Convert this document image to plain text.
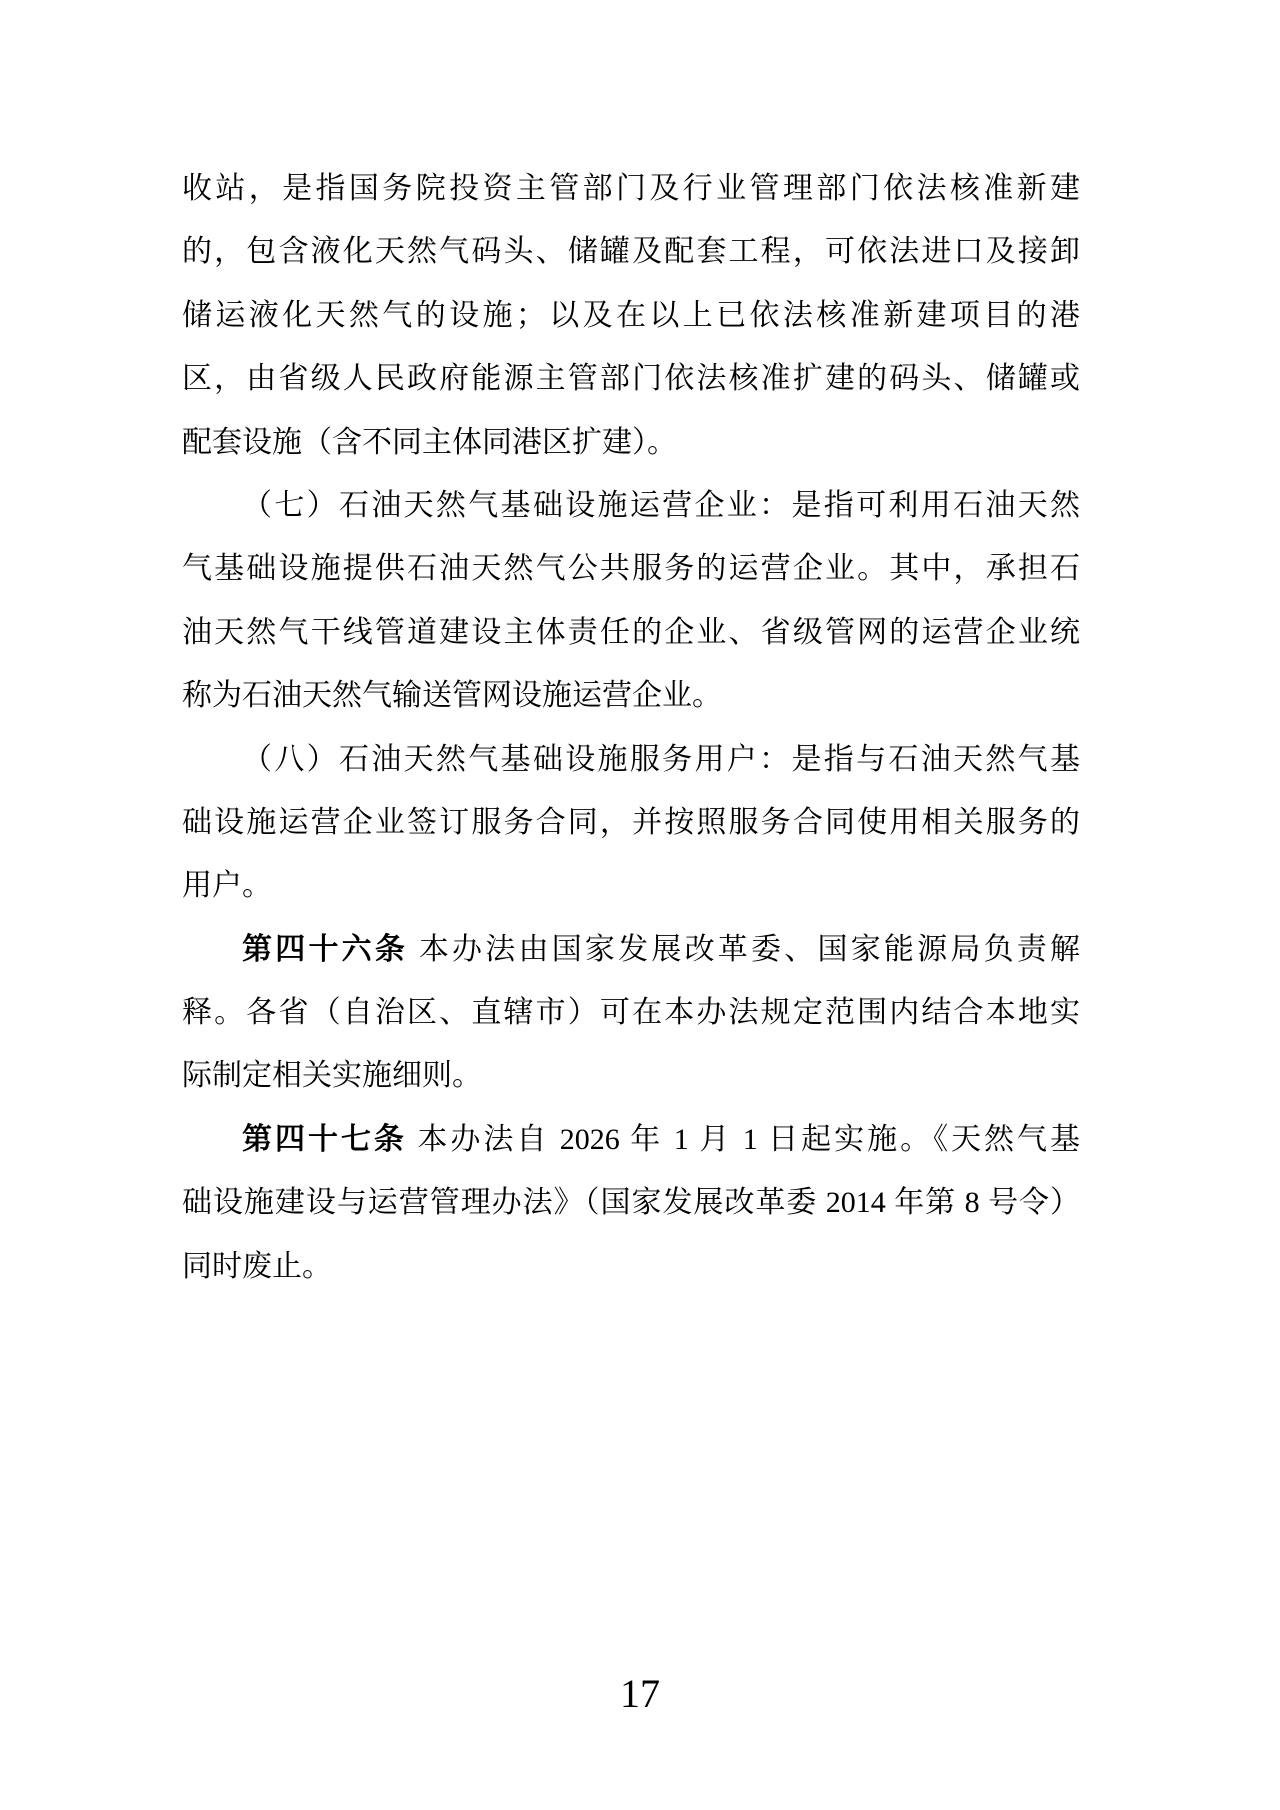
收站，是指国务院投资主管部门及行业管理部门依法核准新建
的，包含液化天然气码头、储罐及配套工程，可依法进口及接卸
储运液化天然气的设施；以及在以上已依法核准新建项目的港
区，由省级人民政府能源主管部门依法核准扩建的码头、储罐或
配套设施（含不同主体同港区扩建）。
（七）石油天然气基础设施运营企业：是指可利用石油天然
气基础设施提供石油天然气公共服务的运营企业。其中，承担石
油天然气干线管道建设主体责任的企业、省级管网的运营企业统
称为石油天然气输送管网设施运营企业。
（八）石油天然气基础设施服务用户：是指与石油天然气基
础设施运营企业签订服务合同，并按照服务合同使用相关服务的
用户。
第四十六条 本办法由国家发展改革委、国家能源局负责解
释。各省（自治区、直辖市）可在本办法规定范围内结合本地实
际制定相关实施细则。
第四十七条 本办法自 2026 年 1 月 1 日起实施。《天然气基
础设施建设与运营管理办法》（国家发展改革委 2014 年第 8 号令）
同时废止。
17
